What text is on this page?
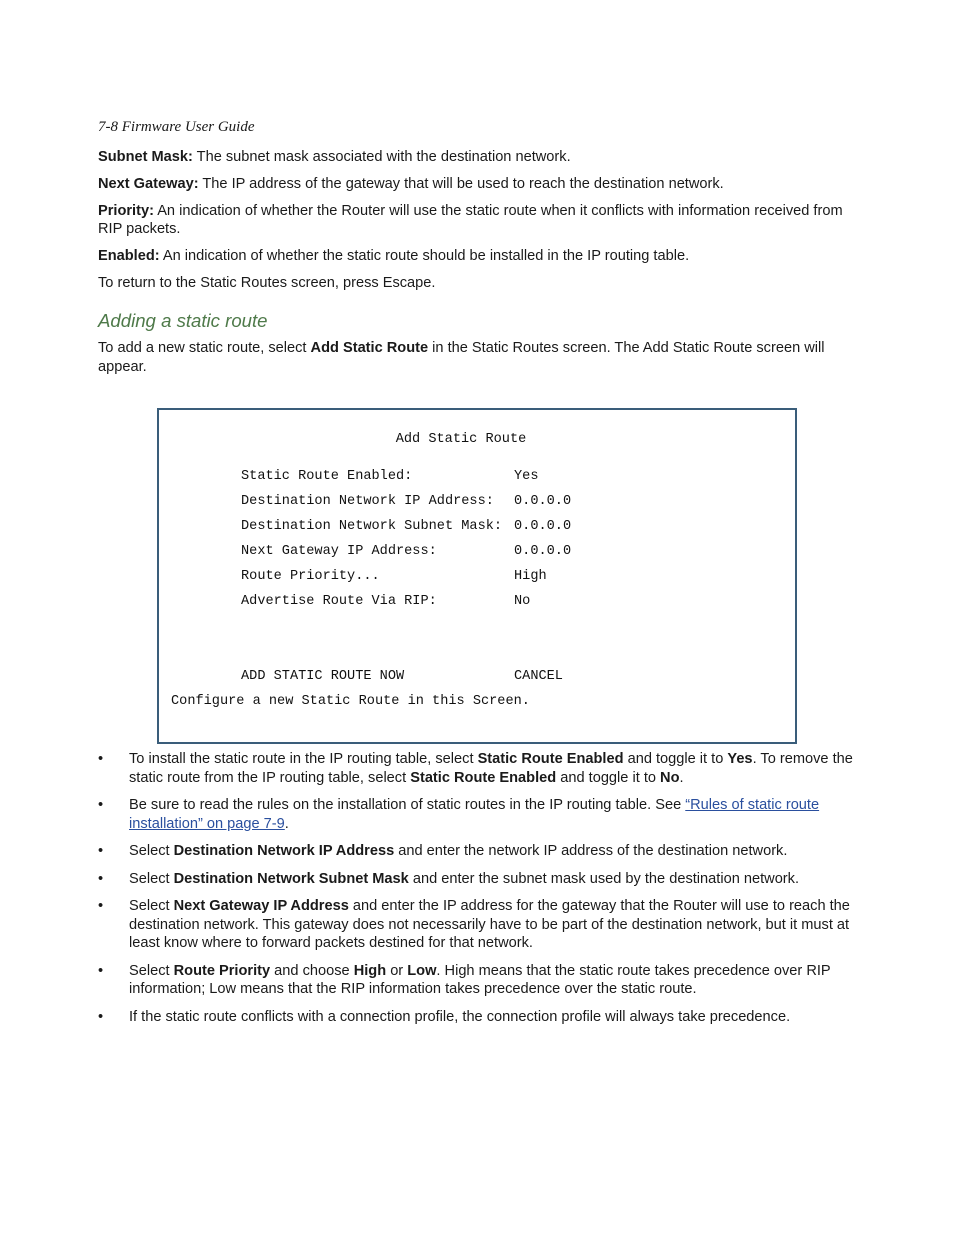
7-8 Firmware User Guide

Subnet Mask: The subnet mask associated with the destination network.

Next Gateway: The IP address of the gateway that will be used to reach the destination network.

Priority: An indication of whether the Router will use the static route when it conflicts with information received from RIP packets.

Enabled: An indication of whether the static route should be installed in the IP routing table.

To return to the Static Routes screen, press Escape.

Adding a static route

To add a new static route, select Add Static Route in the Static Routes screen. The Add Static Route screen will appear.

Add Static Route
Static Route Enabled:	Yes
Destination Network IP Address: 0.0.0.0
Destination Network Subnet Mask: 0.0.0.0
Next Gateway IP Address:	0.0.0.0
Route Priority...	High
Advertise Route Via RIP:	No
ADD STATIC ROUTE NOW	CANCEL
Configure a new Static Route in this Screen.
• To install the static route in the IP routing table, select Static Route Enabled and toggle it to Yes. To remove the static route from the IP routing table, select Static Route Enabled and toggle it to No.
• Be sure to read the rules on the installation of static routes in the IP routing table. See “Rules of static route installation” on page 7-9.
• Select Destination Network IP Address and enter the network IP address of the destination network.
• Select Destination Network Subnet Mask and enter the subnet mask used by the destination network.
• Select Next Gateway IP Address and enter the IP address for the gateway that the Router will use to reach the destination network. This gateway does not necessarily have to be part of the destination network, but it must at least know where to forward packets destined for that network.
• Select Route Priority and choose High or Low. High means that the static route takes precedence over RIP information; Low means that the RIP information takes precedence over the static route.
• If the static route conflicts with a connection profile, the connection profile will always take precedence.
